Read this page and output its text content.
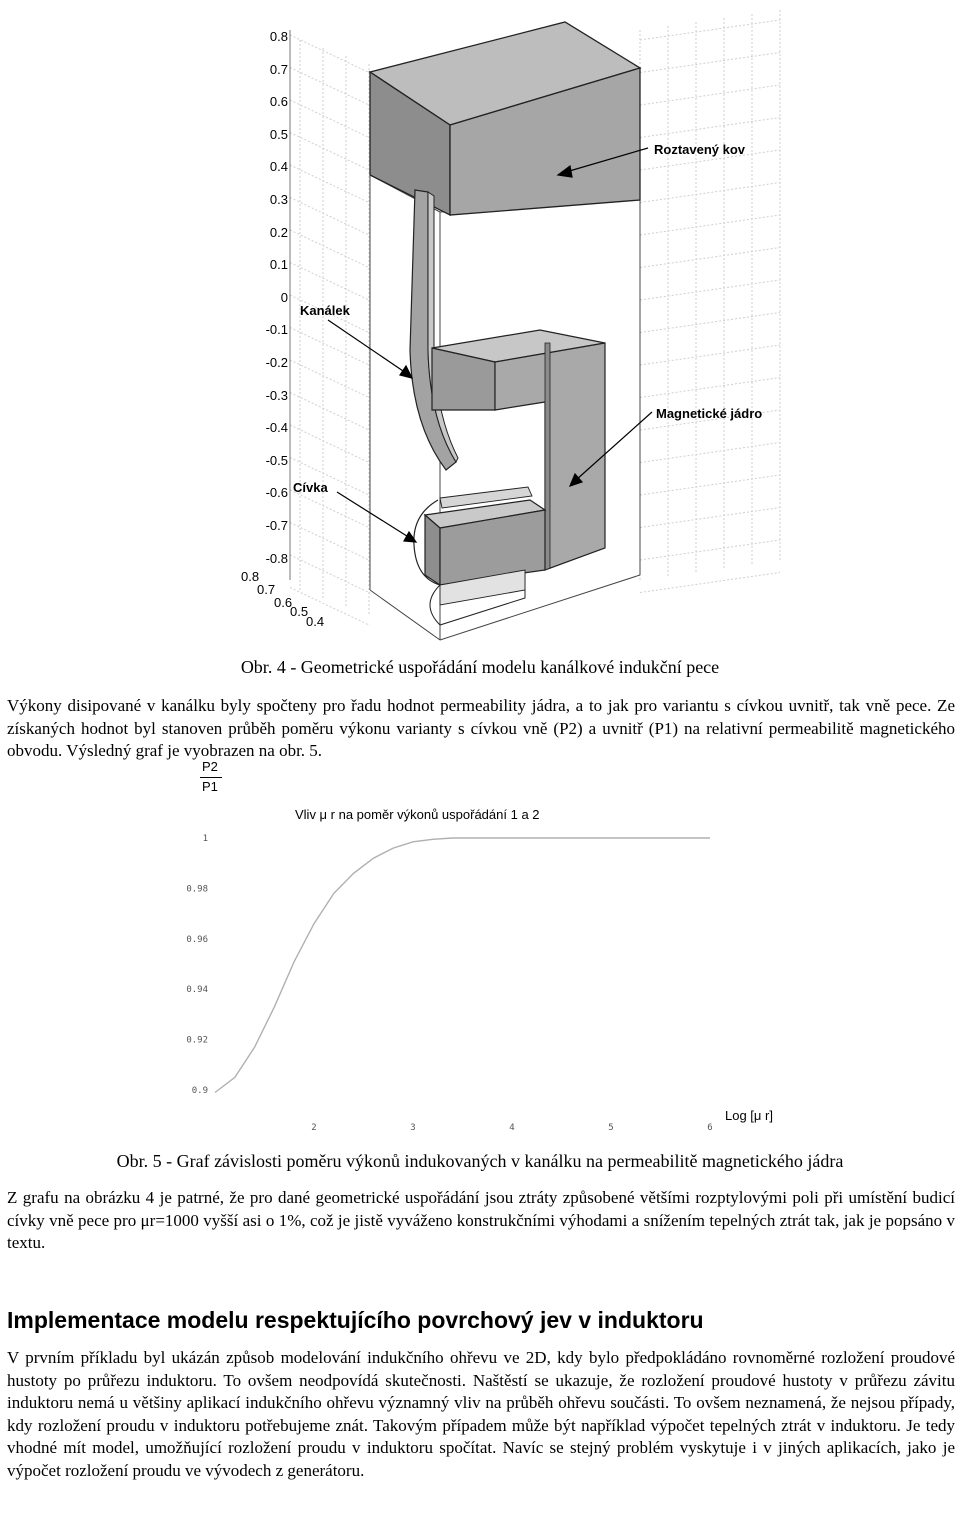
0.8
0.7
0.6
0.5
0.4
0.3
0.2
0.1
0
-0.1
-0.2
-0.3
-0.4
-0.5
-0.6
-0.7
-0.8
0.8
0.7
0.6
0.5
0.4
Roztavený kov
Kanálek
Magnetické jádro
Cívka
Obr. 4 - Geometrické uspořádání modelu kanálkové indukční pece
Výkony disipované v kanálku byly spočteny pro řadu hodnot permeability jádra, a to jak pro variantu s cívkou uvnitř, tak vně pece. Ze získaných hodnot byl stanoven průběh poměru výkonu varianty s cívkou vně (P2) a uvnitř (P1) na relativní permeabilitě magnetického obvodu. Výsledný graf je vyobrazen na obr. 5.
P2
P1
Vliv μ r na poměr výkonů uspořádání 1 a 2
Log [μ r]
1
0.98
0.96
0.94
0.92
0.9
2	3	4	5	6
Obr. 5 - Graf závislosti poměru výkonů indukovaných v kanálku na permeabilitě magnetického jádra
Z grafu na obrázku 4 je patrné, že pro dané geometrické uspořádání jsou ztráty způsobené většími rozptylovými poli při umístění budicí cívky vně pece pro μr=1000 vyšší asi o 1%, což je jistě vyváženo konstrukčními výhodami a snížením tepelných ztrát tak, jak je popsáno v textu.
Implementace modelu respektujícího povrchový jev v induktoru
V prvním příkladu byl ukázán způsob modelování indukčního ohřevu ve 2D, kdy bylo předpokládáno rovnoměrné rozložení proudové hustoty po průřezu induktoru. To ovšem neodpovídá skutečnosti. Naštěstí se ukazuje, že rozložení proudové hustoty v průřezu závitu induktoru nemá u většiny aplikací indukčního ohřevu významný vliv na průběh ohřevu součásti. To ovšem neznamená, že nejsou případy, kdy rozložení proudu v induktoru potřebujeme znát. Takovým případem může být například výpočet tepelných ztrát v induktoru. Je tedy vhodné mít model, umožňující rozložení proudu v induktoru spočítat. Navíc se stejný problém vyskytuje i v jiných aplikacích, jako je výpočet rozložení proudu ve vývodech z generátoru.
